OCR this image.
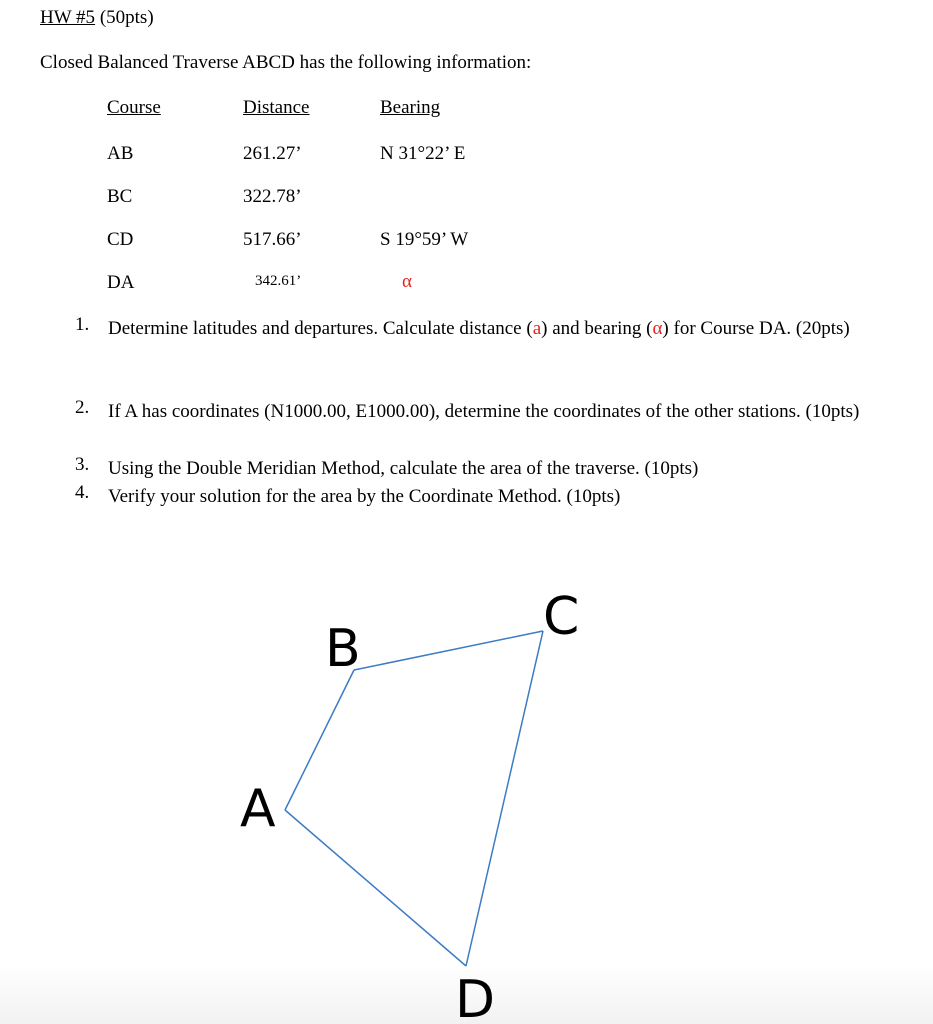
HW #5 (50pts)
Closed Balanced Traverse ABCD has the following information:
Course	Distance	Bearing
AB	261.27’	N 31°22’ E
BC	322.78’
CD	517.66’	S 19°59’ W
DA	342.61’	α
1. Determine latitudes and departures. Calculate distance (a) and bearing (α) for Course DA. (20pts)
2. If A has coordinates (N1000.00, E1000.00), determine the coordinates of the other stations. (10pts)
3. Using the Double Meridian Method, calculate the area of the traverse. (10pts)
4. Verify your solution for the area by the Coordinate Method. (10pts)
A
B
C
D
